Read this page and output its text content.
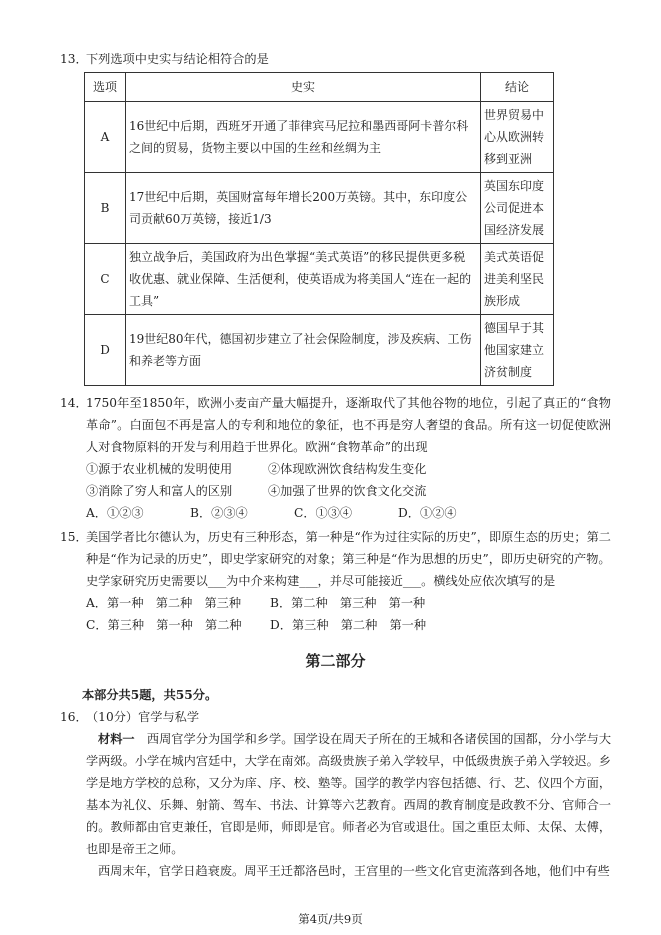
13．

下列选项中史实与结论相符合的是

选项	史实	结论
A	16世纪中后期，西班牙开通了菲律宾马尼拉和墨西哥阿卡普尔科之间的贸易，货物主要以中国的生丝和丝绸为主	世界贸易中心从欧洲转移到亚洲
B	17世纪中后期，英国财富每年增长200万英镑。其中，东印度公司贡献60万英镑，接近1/3	英国东印度公司促进本国经济发展
C	独立战争后，美国政府为出色掌握“美式英语”的移民提供更多税收优惠、就业保障、生活便利，使英语成为将美国人“连在一起的工具”	美式英语促进美利坚民族形成
D	19世纪80年代，德国初步建立了社会保险制度，涉及疾病、工伤和养老等方面	德国早于其他国家建立济贫制度
14．

1750年至1850年，欧洲小麦亩产量大幅提升，逐渐取代了其他谷物的地位，引起了真正的“食物革命”。白面包不再是富人的专利和地位的象征，也不再是穷人奢望的食品。所有这一切促使欧洲人对食物原料的开发与利用趋于世界化。欧洲“食物革命”的出现

①源于农业机械的发明使用	②体现欧洲饮食结构发生变化
③消除了穷人和富人的区别	④加强了世界的饮食文化交流
A．①②③	B．②③④	C．①③④	D．①②④
15．

美国学者比尔德认为，历史有三种形态，第一种是“作为过往实际的历史”，即原生态的历史；第二种是“作为记录的历史”，即史学家研究的对象；第三种是“作为思想的历史”，即历史研究的产物。
史学家研究历史需要以___为中介来构建___，并尽可能接近___。横线处应依次填写的是

A．第一种　第二种　第三种	B．第二种　第三种　第一种
C．第三种　第一种　第二种	D．第三种　第二种　第一种
第二部分

本部分共5题，共55分。

16．

（10分）官学与私学

材料一　 西周官学分为国学和乡学。国学设在周天子所在的王城和各诸侯国的国都，分小学与大学两级。小学在城内宫廷中，大学在南郊。高级贵族子弟入学较早，中低级贵族子弟入学较迟。乡学是地方学校的总称，又分为庠、序、校、塾等。国学的教学内容包括德、行、艺、仪四个方面，基本为礼仪、乐舞、射箭、驾车、书法、计算等六艺教育。西周的教育制度是政教不分、官师合一的。教师都由官吏兼任，官即是师，师即是官。师者必为官或退仕。国之重臣太师、太保、太傅，也即是帝王之师。

西周末年，官学日趋衰废。周平王迁都洛邑时，王宫里的一些文化官吏流落到各地，他们中有些

第4页/共9页
